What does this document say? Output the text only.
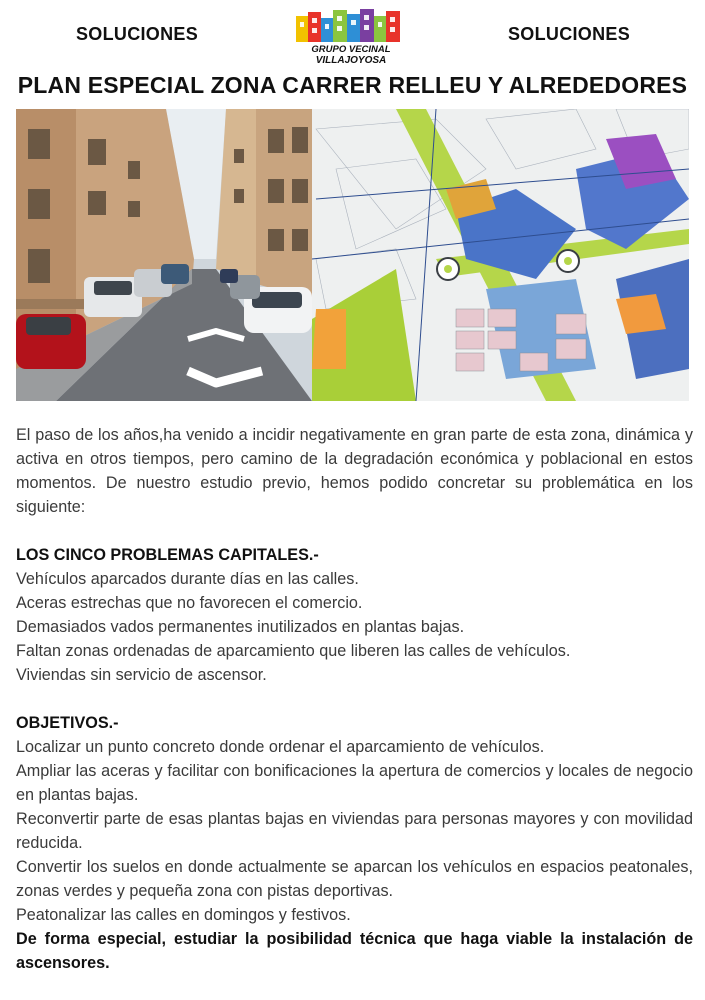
SOLUCIONES
GRUPO VECINAL
VILLAJOYOSA
SOLUCIONES
PLAN ESPECIAL ZONA CARRER RELLEU Y ALREDEDORES

El paso de los años,ha venido a incidir negativamente en gran parte de esta zona, dinámica y activa en otros tiempos, pero camino de la degradación económica y poblacional en estos momentos. De nuestro estudio previo, hemos podido concretar su problemática en los siguiente:

LOS CINCO PROBLEMAS CAPITALES.-

Vehículos aparcados durante días en las calles.

Aceras estrechas que no favorecen el comercio.

Demasiados vados permanentes inutilizados en plantas bajas.

Faltan zonas ordenadas de aparcamiento que liberen las calles de vehículos.

Viviendas sin servicio de ascensor.

OBJETIVOS.-

Localizar un punto concreto donde ordenar el aparcamiento de vehículos.

Ampliar las aceras y facilitar con bonificaciones la apertura de comercios y locales de negocio en plantas bajas.

Reconvertir parte de esas plantas bajas en viviendas para personas mayores y con movilidad reducida.

Convertir los suelos en donde actualmente se aparcan los vehículos en espacios peatonales, zonas verdes y pequeña zona con pistas deportivas.

Peatonalizar las calles en domingos y festivos.

De forma especial, estudiar la posibilidad técnica que haga viable la instalación de ascensores.
